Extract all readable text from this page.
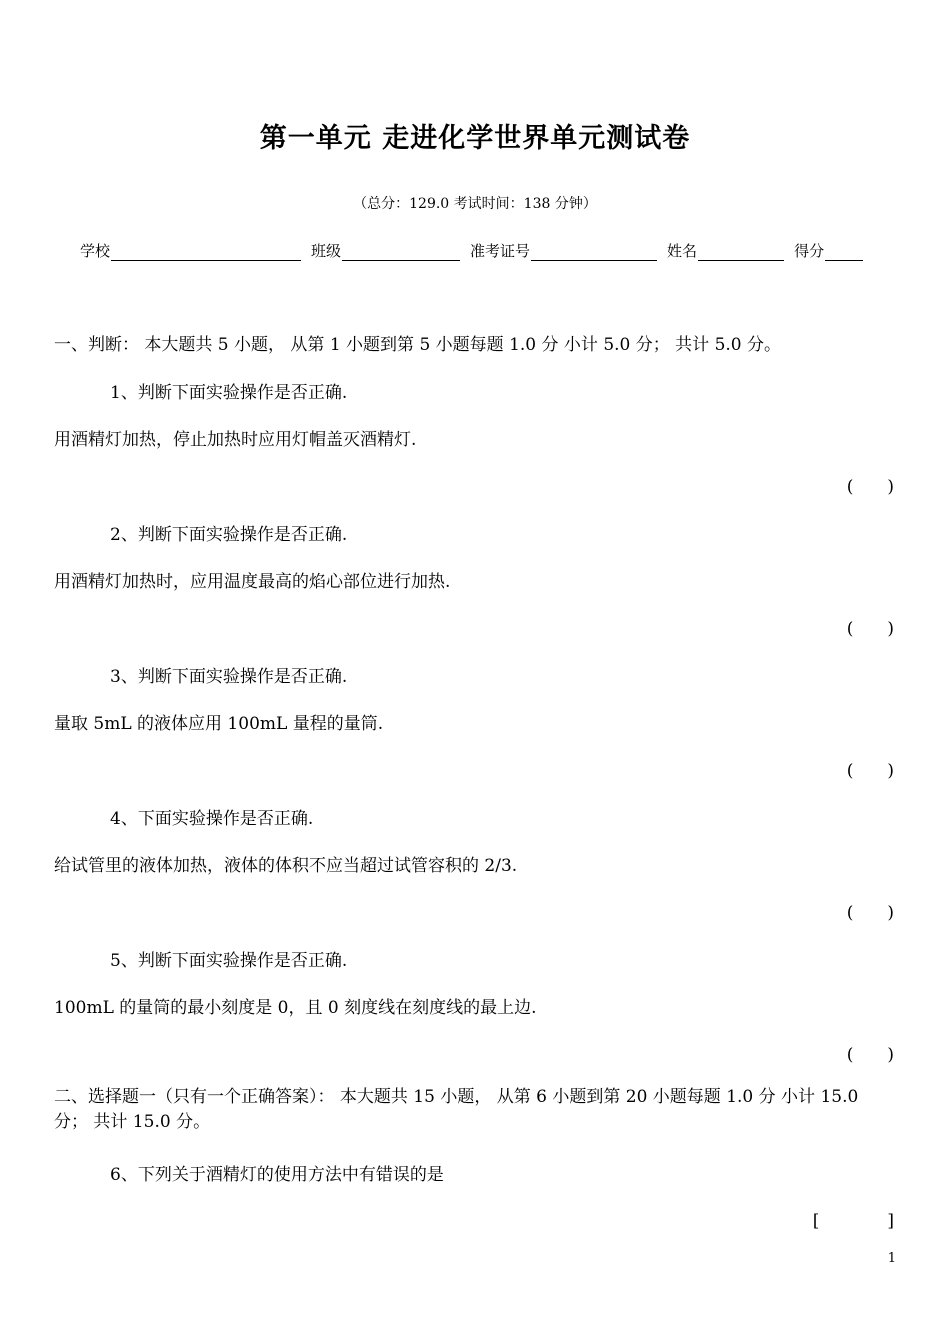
第一单元 走进化学世界单元测试卷
（总分：129.0 考试时间：138 分钟）
学校	班级	准考证号	姓名	得分
一、判断： 本大题共 5 小题， 从第 1 小题到第 5 小题每题 1.0 分 小计 5.0 分； 共计 5.0 分。
1、判断下面实验操作是否正确.
用酒精灯加热，停止加热时应用灯帽盖灭酒精灯.
(　　)
2、判断下面实验操作是否正确.
用酒精灯加热时，应用温度最高的焰心部位进行加热.
(　　)
3、判断下面实验操作是否正确.
量取 5mL 的液体应用 100mL 量程的量筒.
(　　)
4、下面实验操作是否正确.
给试管里的液体加热，液体的体积不应当超过试管容积的 2/3.
(　　)
5、判断下面实验操作是否正确.
100mL 的量筒的最小刻度是 0，且 0 刻度线在刻度线的最上边.
(　　)
二、选择题一（只有一个正确答案）： 本大题共 15 小题， 从第 6 小题到第 20 小题每题 1.0 分 小计 15.0 分； 共计 15.0 分。
6、下列关于酒精灯的使用方法中有错误的是
[　　　　]
1
